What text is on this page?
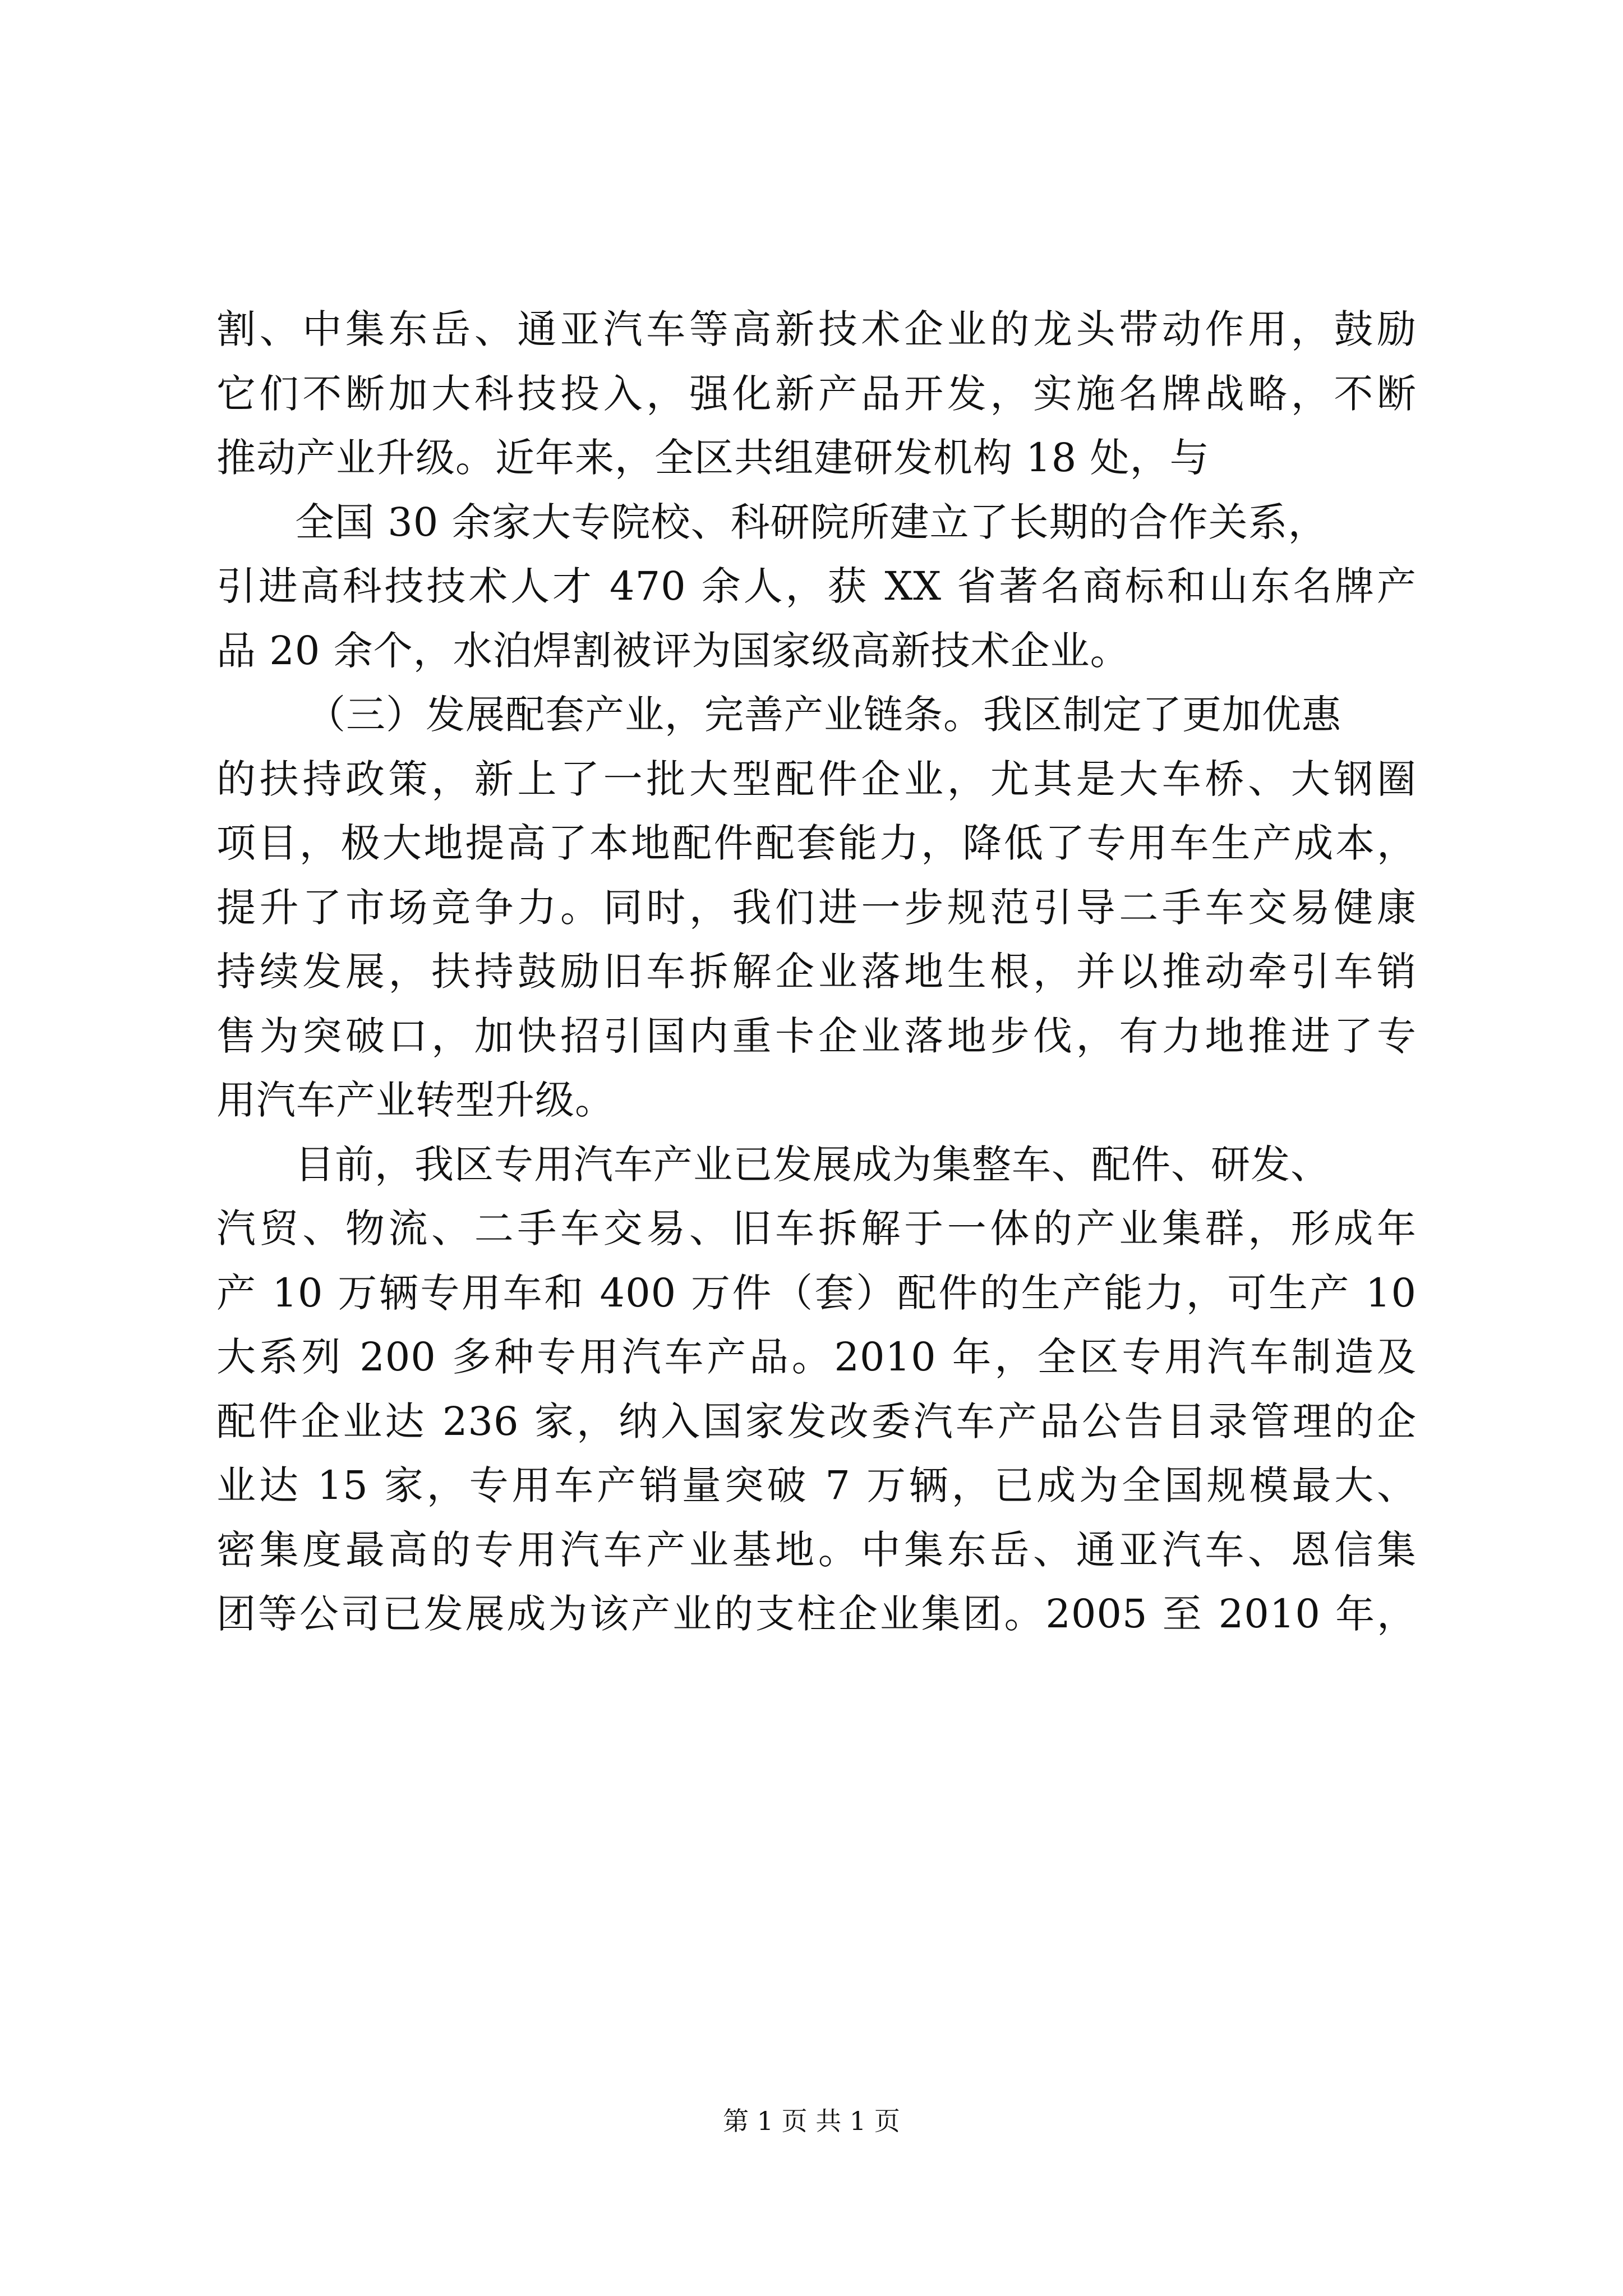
割、中集东岳、通亚汽车等高新技术企业的龙头带动作用，鼓励
它们不断加大科技投入，强化新产品开发，实施名牌战略，不断
推动产业升级。近年来，全区共组建研发机构 18 处，与
全国 30 余家大专院校、科研院所建立了长期的合作关系，
引进高科技技术人才 470 余人，获 XX 省著名商标和山东名牌产
品 20 余个，水泊焊割被评为国家级高新技术企业。
（三）发展配套产业，完善产业链条。我区制定了更加优惠
的扶持政策，新上了一批大型配件企业，尤其是大车桥、大钢圈
项目，极大地提高了本地配件配套能力，降低了专用车生产成本，
提升了市场竞争力。同时，我们进一步规范引导二手车交易健康
持续发展，扶持鼓励旧车拆解企业落地生根，并以推动牵引车销
售为突破口，加快招引国内重卡企业落地步伐，有力地推进了专
用汽车产业转型升级。
目前，我区专用汽车产业已发展成为集整车、配件、研发、
汽贸、物流、二手车交易、旧车拆解于一体的产业集群，形成年
产 10 万辆专用车和 400 万件（套）配件的生产能力，可生产 10
大系列 200 多种专用汽车产品。2010 年，全区专用汽车制造及
配件企业达 236 家，纳入国家发改委汽车产品公告目录管理的企
业达 15 家，专用车产销量突破 7 万辆，已成为全国规模最大、
密集度最高的专用汽车产业基地。中集东岳、通亚汽车、恩信集
团等公司已发展成为该产业的支柱企业集团。2005 至 2010 年，
第 1 页 共 1 页
